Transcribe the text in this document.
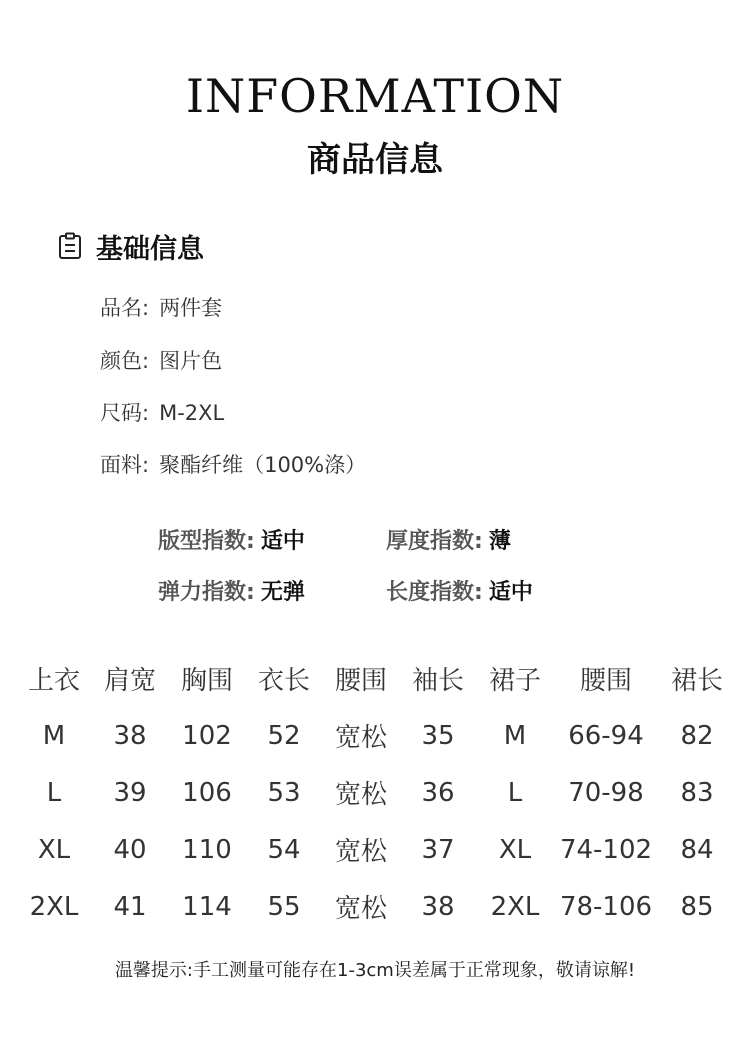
INFORMATION
商品信息
基础信息
品名: 两件套
颜色: 图片色
尺码: M-2XL
面料: 聚酯纤维（100%涤）
版型指数: 适中	厚度指数: 薄
弹力指数: 无弹	长度指数: 适中
上衣	肩宽	胸围	衣长	腰围	袖长	裙子	腰围	裙长
M	38	102	52	宽松	35	M	66-94	82
L	39	106	53	宽松	36	L	70-98	83
XL	40	110	54	宽松	37	XL	74-102	84
2XL	41	114	55	宽松	38	2XL	78-106	85
温馨提示:手工测量可能存在1-3cm误差属于正常现象，敬请谅解!
